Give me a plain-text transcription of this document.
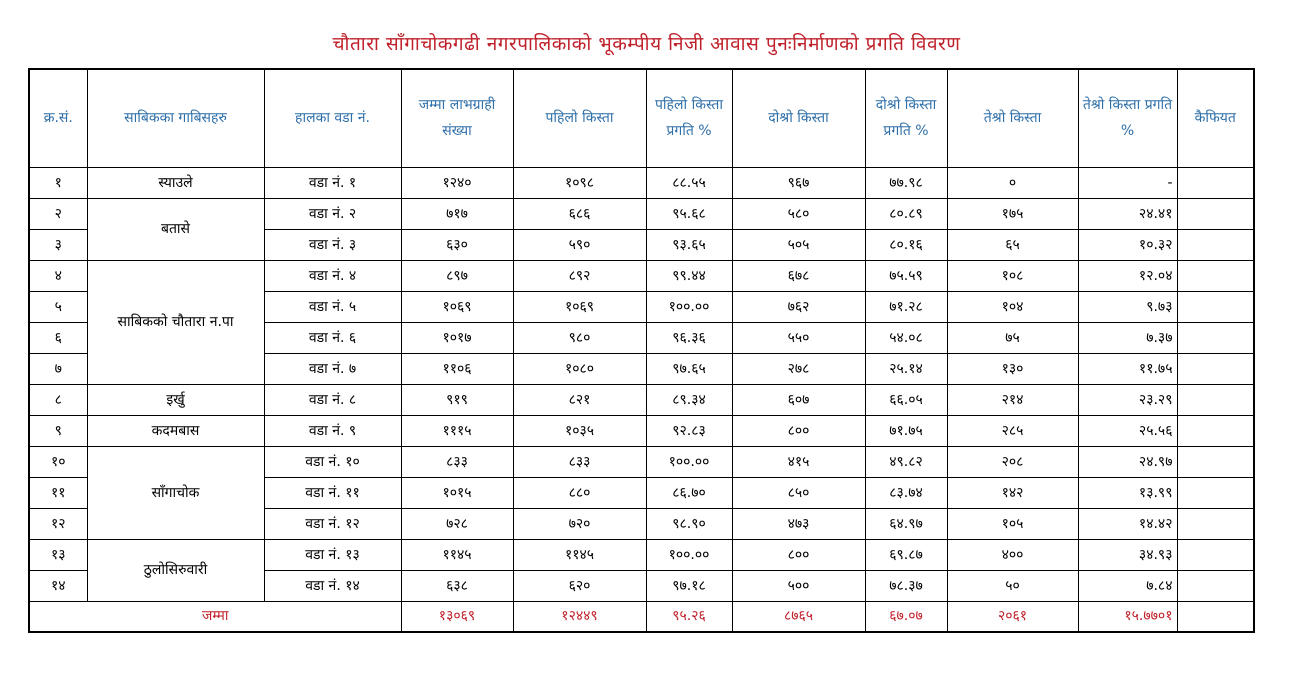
चौतारा साँगाचोकगढी नगरपालिकाको भूकम्पीय निजी आवास पुनःनिर्माणको प्रगति विवरण
क्र.सं.	साबिकका गाबिसहरु	हालका वडा नं.	जम्मा लाभग्राही संख्या	पहिलो किस्ता	पहिलो किस्ता प्रगति %	दोश्रो किस्ता	दोश्रो किस्ता प्रगति %	तेश्रो किस्ता	तेश्रो किस्ता प्रगति %	कैफियत
१	स्याउले	वडा नं. १	१२४०	१०९८	८८.५५	९६७	७७.९८	०	-	
२	बतासे	वडा नं. २	७१७	६८६	९५.६८	५८०	८०.८९	१७५	२४.४१	
३		वडा नं. ३	६३०	५९०	९३.६५	५०५	८०.१६	६५	१०.३२	
४	साबिकको चौतारा न.पा	वडा नं. ४	८९७	८९२	९९.४४	६७८	७५.५९	१०८	१२.०४	
५		वडा नं. ५	१०६९	१०६९	१००.००	७६२	७१.२८	१०४	९.७३	
६		वडा नं. ६	१०१७	९८०	९६.३६	५५०	५४.०८	७५	७.३७	
७		वडा नं. ७	११०६	१०८०	९७.६५	२७८	२५.१४	१३०	११.७५	
८	इर्खु	वडा नं. ८	९१९	८२१	८९.३४	६०७	६६.०५	२१४	२३.२९	
९	कदमबास	वडा नं. ९	१११५	१०३५	९२.८३	८००	७१.७५	२८५	२५.५६	
१०	साँगाचोक	वडा नं. १०	८३३	८३३	१००.००	४१५	४९.८२	२०८	२४.९७	
११		वडा नं. ११	१०१५	८८०	८६.७०	८५०	८३.७४	१४२	१३.९९	
१२		वडा नं. १२	७२८	७२०	९८.९०	४७३	६४.९७	१०५	१४.४२	
१३	ठुलोसिरुवारी	वडा नं. १३	११४५	११४५	१००.००	८००	६९.८७	४००	३४.९३	
१४		वडा नं. १४	६३८	६२०	९७.१८	५००	७८.३७	५०	७.८४	
जम्मा			१३०६९	१२४४९	९५.२६	८७६५	६७.०७	२०६१	१५.७७०१	
